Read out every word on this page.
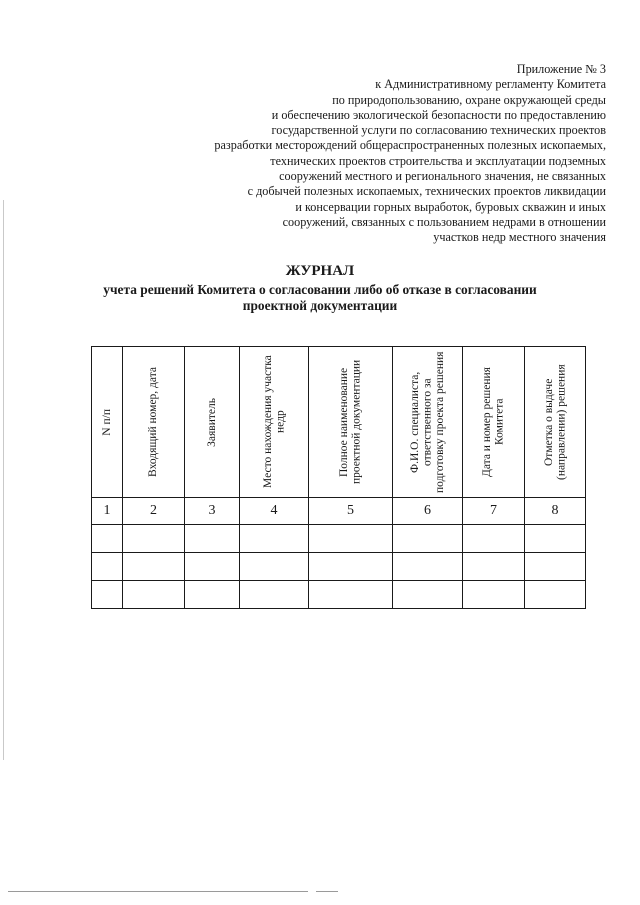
Приложение № 3
к Административному регламенту Комитета
по природопользованию, охране окружающей среды
и обеспечению экологической безопасности по предоставлению
государственной услуги по согласованию технических проектов
разработки месторождений общераспространенных полезных ископаемых,
технических проектов строительства и эксплуатации подземных
сооружений местного и регионального значения, не связанных
с добычей полезных ископаемых, технических проектов ликвидации
и консервации горных выработок, буровых скважин и иных
сооружений, связанных с пользованием недрами в отношении
участков недр местного значения
ЖУРНАЛ
учета решений Комитета о согласовании либо об отказе в согласовании проектной документации
N п/п	Входящий номер, дата	Заявитель	Место нахождения участка недр	Полное наименование проектной документации	Ф.И.О. специалиста, ответственного за подготовку проекта решения	Дата и номер решения Комитета	Отметка о выдаче (направлении) решения

1	2	3	4	5	6	7	8
